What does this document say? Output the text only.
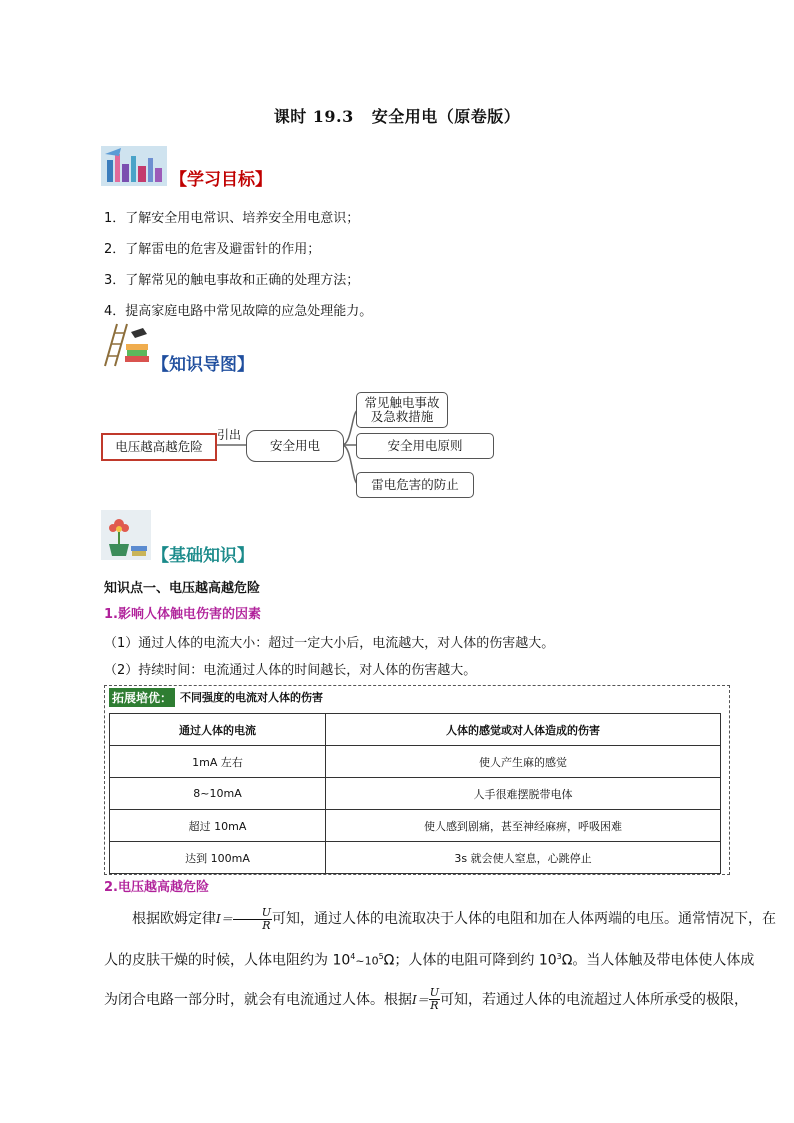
课时 19.3 安全用电（原卷版）
【学习目标】
1．了解安全用电常识、培养安全用电意识；
2．了解雷电的危害及避雷针的作用；
3．了解常见的触电事故和正确的处理方法；
4．提高家庭电路中常见故障的应急处理能力。
【知识导图】
电压越高越危险
引出
安全用电
常见触电事故
及急救措施
安全用电原则
雷电危害的防止
【基础知识】
知识点一、电压越高越危险
1.影响人体触电伤害的因素
（1）通过人体的电流大小：超过一定大小后，电流越大，对人体的伤害越大。
（2）持续时间：电流通过人体的时间越长，对人体的伤害越大。
拓展培优： 不同强度的电流对人体的伤害
通过人体的电流	人体的感觉或对人体造成的伤害
1mA 左右	使人产生麻的感觉
8~10mA	人手很难摆脱带电体
超过 10mA	使人感到剧痛，甚至神经麻痹，呼吸困难
达到 100mA	3s 就会使人窒息，心跳停止
2.电压越高越危险
根据欧姆定律$I= \frac{U}{R}$ 可知，通过人体的电流取决于人体的电阻和加在人体两端的电压。通常情况下，在
人的皮肤干燥的时候，人体电阻约为 $10^4\sim 10^5\Omega$；人体的电阻可降到约 $10^3\Omega$。当人体触及带电体使人体成
为闭合电路一部分时，就会有电流通过人体。根据$I= \frac{U}{R}$ 可知，若通过人体的电流超过人体所承受的极限，
